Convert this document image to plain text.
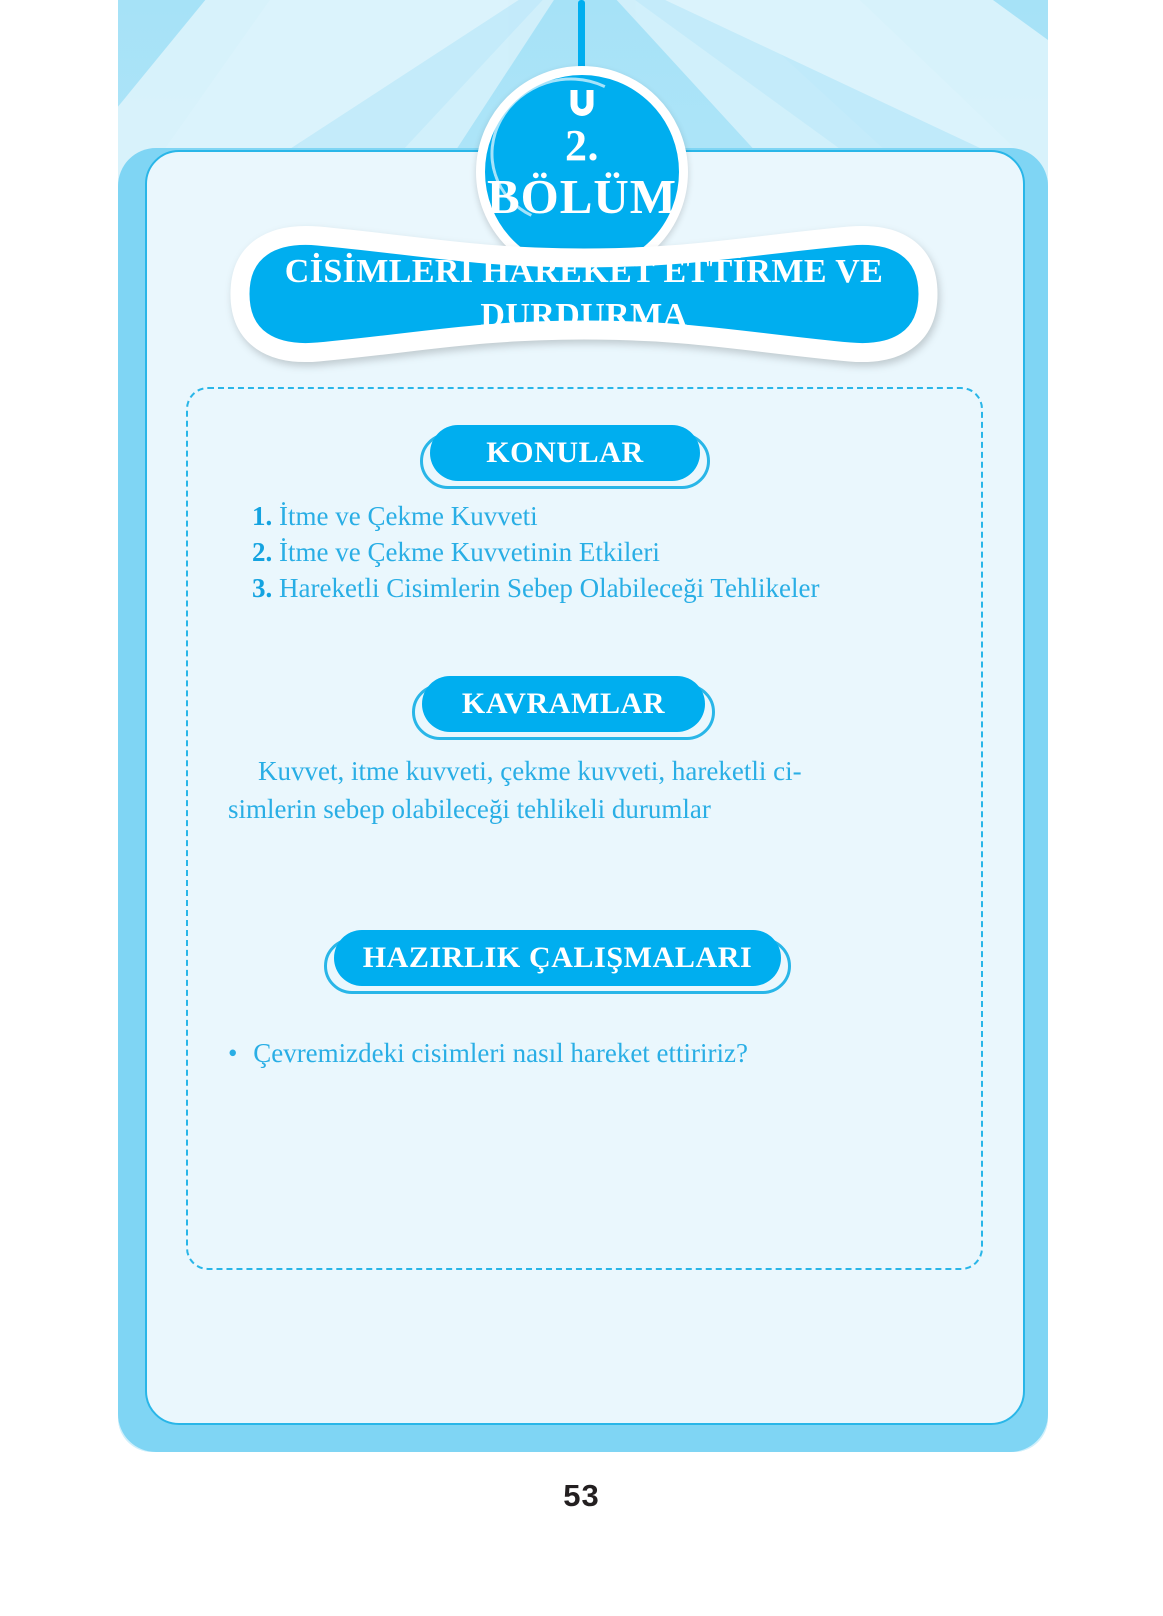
2.
BÖLÜM
CİSİMLERİ HAREKET ETTİRME VE DURDURMA
KONULAR
1. İtme ve Çekme Kuvveti
2. İtme ve Çekme Kuvvetinin Etkileri
3. Hareketli Cisimlerin Sebep Olabileceği Tehlikeler
KAVRAMLAR
Kuvvet, itme kuvveti, çekme kuvveti, hareketli ci-
simlerin sebep olabileceği tehlikeli durumlar
HAZIRLIK ÇALIŞMALARI
• Çevremizdeki cisimleri nasıl hareket ettiririz?
53
